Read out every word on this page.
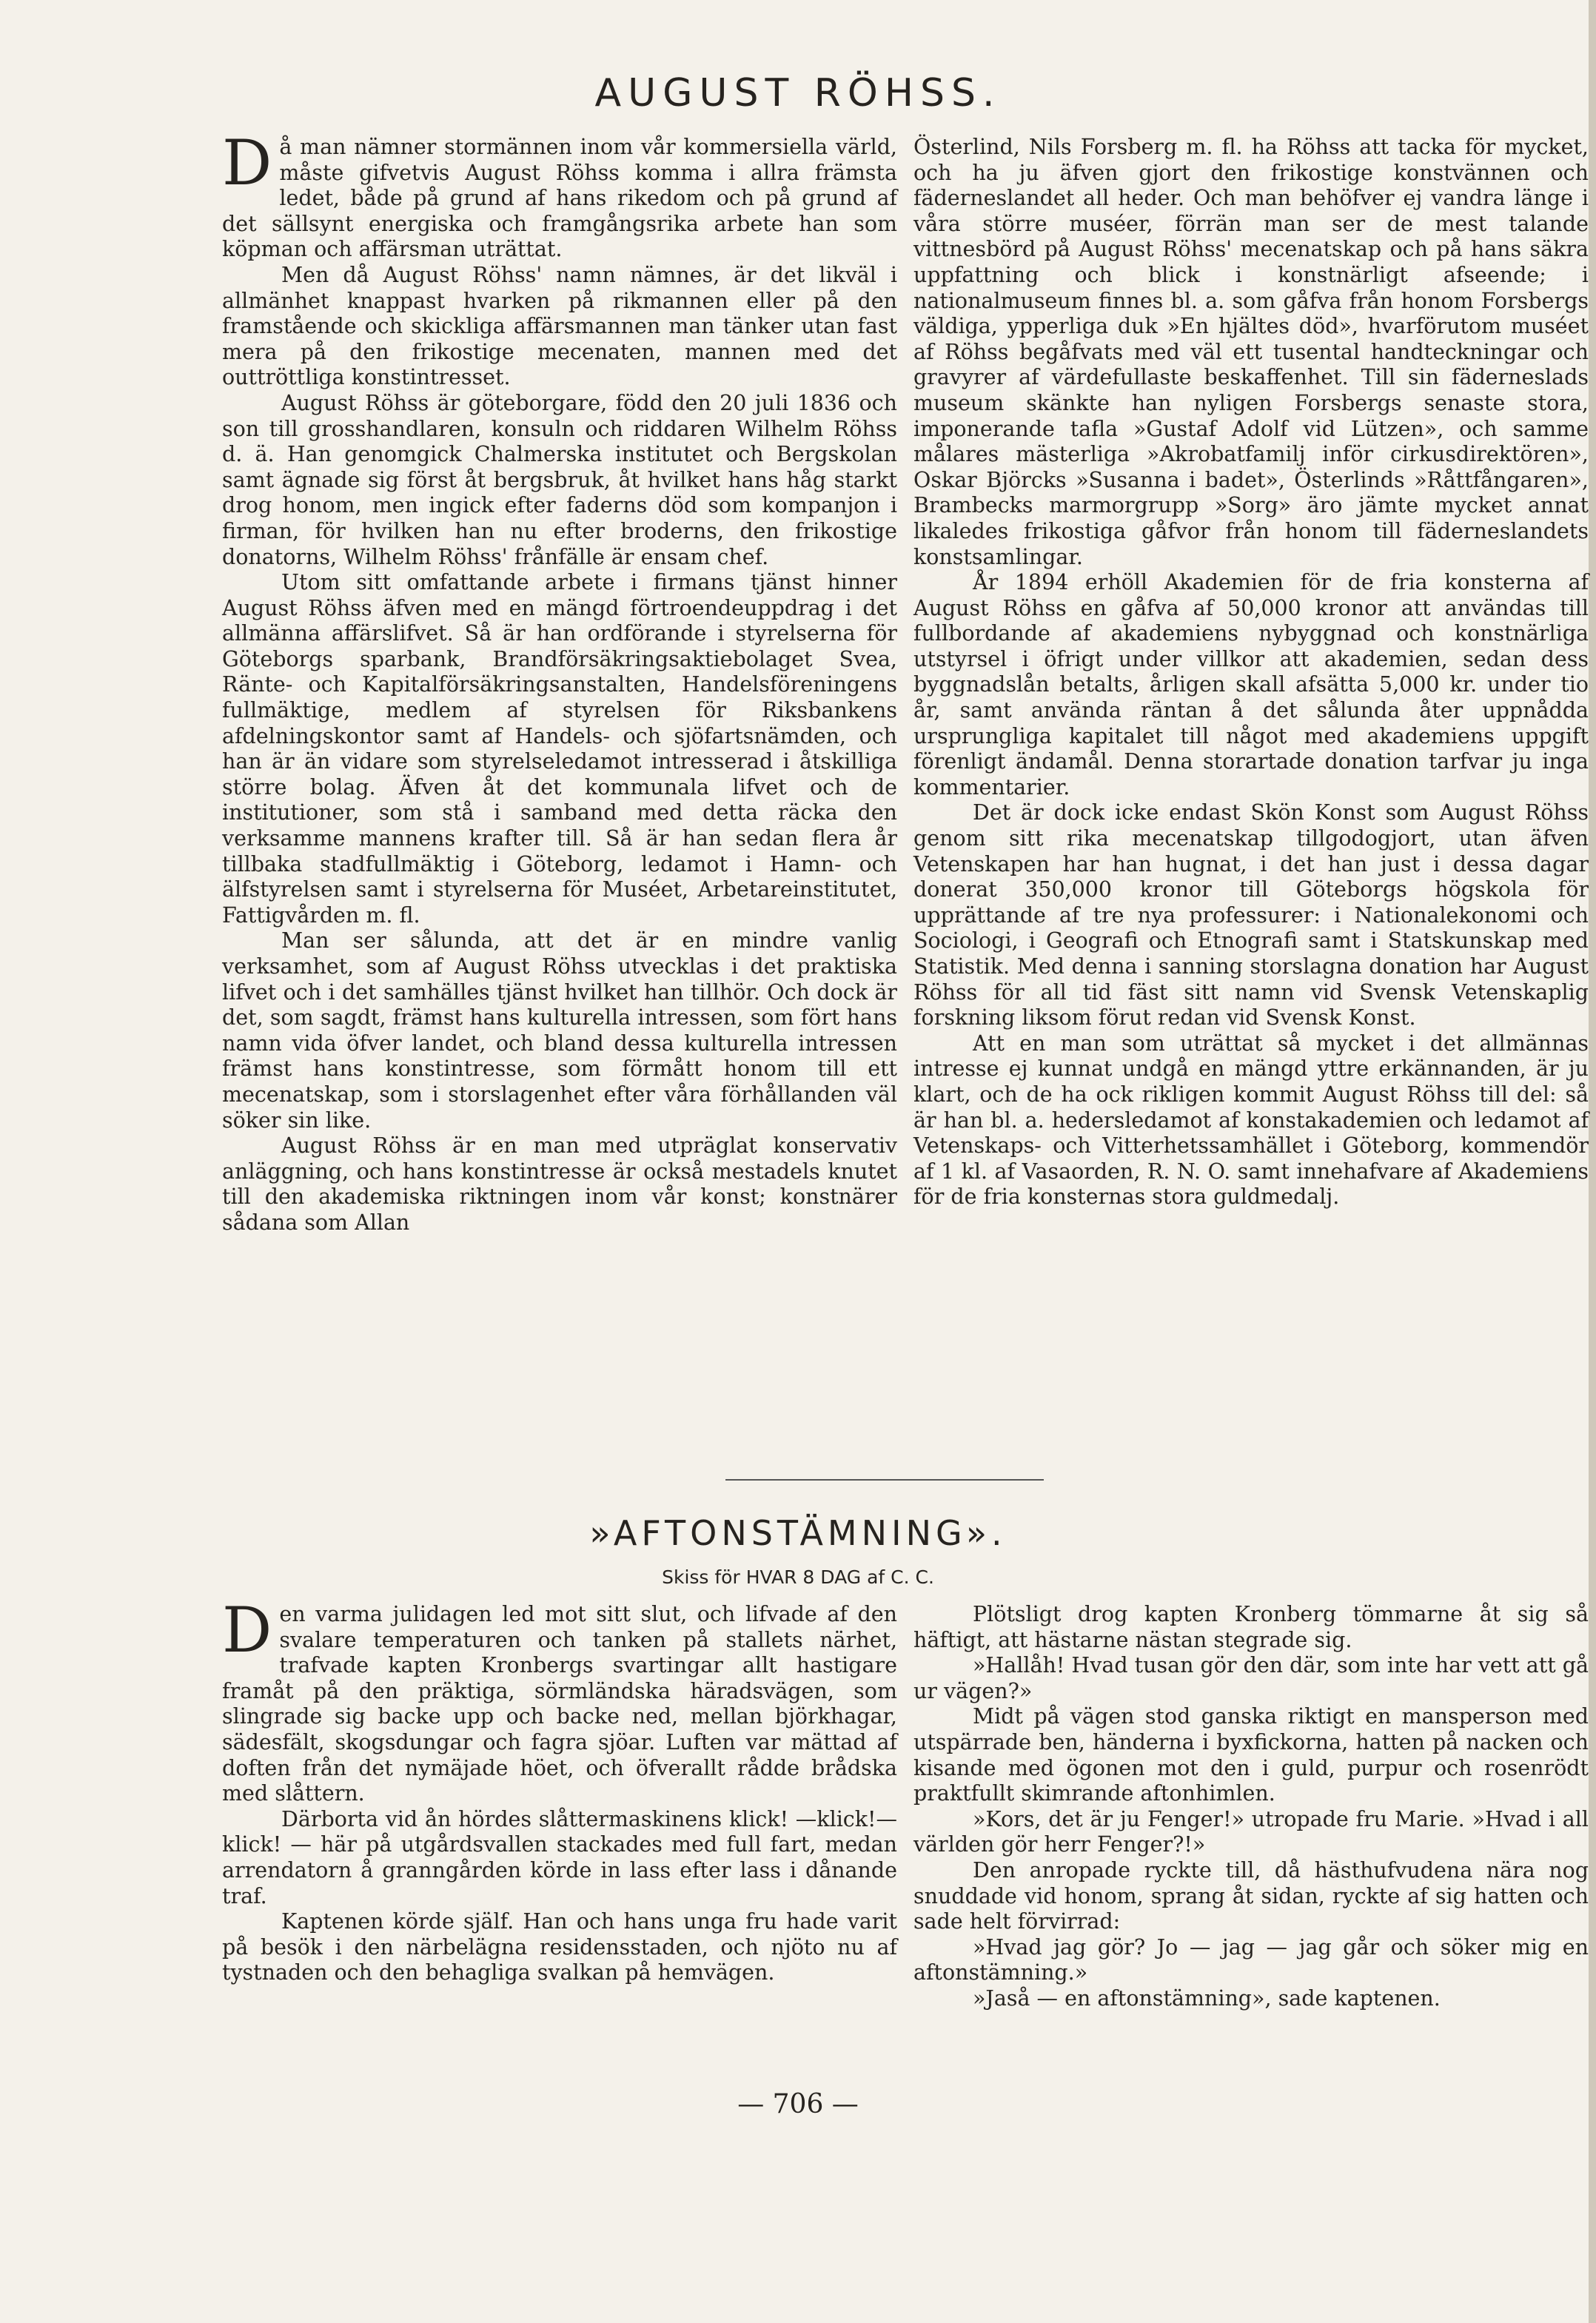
AUGUST RÖHSS.

Då man nämner stormännen inom vår kommersiella värld, måste gifvetvis August Röhss komma i allra främsta ledet, både på grund af hans rikedom och på grund af det sällsynt energiska och framgångsrika arbete han som köpman och affärsman uträttat.

Men då August Röhss' namn nämnes, är det likväl i allmänhet knappast hvarken på rikmannen eller på den framstående och skickliga affärsmannen man tänker utan fast mera på den frikostige mecenaten, mannen med det outtröttliga konstintresset.

August Röhss är göteborgare, född den 20 juli 1836 och son till grosshandlaren, konsuln och riddaren Wilhelm Röhss d. ä. Han genomgick Chalmerska institutet och Bergskolan samt ägnade sig först åt bergsbruk, åt hvilket hans håg starkt drog honom, men ingick efter faderns död som kompanjon i firman, för hvilken han nu efter broderns, den frikostige donatorns, Wilhelm Röhss' frånfälle är ensam chef.

Utom sitt omfattande arbete i firmans tjänst hinner August Röhss äfven med en mängd förtroendeuppdrag i det allmänna affärslifvet. Så är han ordförande i styrelserna för Göteborgs sparbank, Brandförsäkringsaktiebolaget Svea, Ränte- och Kapitalförsäkringsanstalten, Handelsföreningens fullmäktige, medlem af styrelsen för Riksbankens afdelningskontor samt af Handels- och sjöfartsnämden, och han är än vidare som styrelseledamot intresserad i åtskilliga större bolag. Äfven åt det kommunala lifvet och de institutioner, som stå i samband med detta räcka den verksamme mannens krafter till. Så är han sedan flera år tillbaka stadfullmäktig i Göteborg, ledamot i Hamn- och älfstyrelsen samt i styrelserna för Muséet, Arbetareinstitutet, Fattigvården m. fl.

Man ser sålunda, att det är en mindre vanlig verksamhet, som af August Röhss utvecklas i det praktiska lifvet och i det samhälles tjänst hvilket han tillhör. Och dock är det, som sagdt, främst hans kulturella intressen, som fört hans namn vida öfver landet, och bland dessa kulturella intressen främst hans konstintresse, som förmått honom till ett mecenatskap, som i storslagenhet efter våra förhållanden väl söker sin like.

August Röhss är en man med utpräglat konservativ anläggning, och hans konstintresse är också mestadels knutet till den akademiska riktningen inom vår konst; konstnärer sådana som Allan

Österlind, Nils Forsberg m. fl. ha Röhss att tacka för mycket, och ha ju äfven gjort den frikostige konstvännen och fäderneslandet all heder. Och man behöfver ej vandra länge i våra större muséer, förrän man ser de mest talande vittnesbörd på August Röhss' mecenatskap och på hans säkra uppfattning och blick i konstnärligt afseende; i nationalmuseum finnes bl. a. som gåfva från honom Forsbergs väldiga, ypperliga duk »En hjältes död», hvarförutom muséet af Röhss begåfvats med väl ett tusental handteckningar och gravyrer af värdefullaste beskaffenhet. Till sin fäderneslads museum skänkte han nyligen Forsbergs senaste stora, imponerande tafla »Gustaf Adolf vid Lützen», och samme målares mästerliga »Akrobatfamilj inför cirkusdirektören», Oskar Björcks »Susanna i badet», Österlinds »Råttfångaren», Brambecks marmorgrupp »Sorg» äro jämte mycket annat likaledes frikostiga gåfvor från honom till fäderneslandets konstsamlingar.

År 1894 erhöll Akademien för de fria konsterna af August Röhss en gåfva af 50,000 kronor att användas till fullbordande af akademiens nybyggnad och konstnärliga utstyrsel i öfrigt under villkor att akademien, sedan dess byggnadslån betalts, årligen skall afsätta 5,000 kr. under tio år, samt använda räntan å det sålunda åter uppnådda ursprungliga kapitalet till något med akademiens uppgift förenligt ändamål. Denna storartade donation tarfvar ju inga kommentarier.

Det är dock icke endast Skön Konst som August Röhss genom sitt rika mecenatskap tillgodogjort, utan äfven Vetenskapen har han hugnat, i det han just i dessa dagar donerat 350,000 kronor till Göteborgs högskola för upprättande af tre nya professurer: i Nationalekonomi och Sociologi, i Geografi och Etnografi samt i Statskunskap med Statistik. Med denna i sanning storslagna donation har August Röhss för all tid fäst sitt namn vid Svensk Vetenskaplig forskning liksom förut redan vid Svensk Konst.

Att en man som uträttat så mycket i det allmännas intresse ej kunnat undgå en mängd yttre erkännanden, är ju klart, och de ha ock rikligen kommit August Röhss till del: så är han bl. a. hedersledamot af konstakademien och ledamot af Vetenskaps- och Vitterhetssamhället i Göteborg, kommendör af 1 kl. af Vasaorden, R. N. O. samt innehafvare af Akademiens för de fria konsternas stora guldmedalj.

»AFTONSTÄMNING».

Skiss för HVAR 8 DAG af C. C.

Den varma julidagen led mot sitt slut, och lifvade af den svalare temperaturen och tanken på stallets närhet, trafvade kapten Kronbergs svartingar allt hastigare framåt på den präktiga, sörmländska häradsvägen, som slingrade sig backe upp och backe ned, mellan björkhagar, sädesfält, skogsdungar och fagra sjöar. Luften var mättad af doften från det nymäjade höet, och öfverallt rådde brådska med slåttern.

Därborta vid ån hördes slåttermaskinens klick! —klick!—klick! — här på utgårdsvallen stackades med full fart, medan arrendatorn å granngården körde in lass efter lass i dånande traf.

Kaptenen körde själf. Han och hans unga fru hade varit på besök i den närbelägna residensstaden, och njöto nu af tystnaden och den behagliga svalkan på hemvägen.

Plötsligt drog kapten Kronberg tömmarne åt sig så häftigt, att hästarne nästan stegrade sig.

»Hallåh! Hvad tusan gör den där, som inte har vett att gå ur vägen?»

Midt på vägen stod ganska riktigt en mansperson med utspärrade ben, händerna i byxfickorna, hatten på nacken och kisande med ögonen mot den i guld, purpur och rosenrödt praktfullt skimrande aftonhimlen.

»Kors, det är ju Fenger!» utropade fru Marie. »Hvad i all världen gör herr Fenger?!»

Den anropade ryckte till, då hästhufvudena nära nog snuddade vid honom, sprang åt sidan, ryckte af sig hatten och sade helt förvirrad:

»Hvad jag gör? Jo — jag — jag går och söker mig en aftonstämning.»

»Jaså — en aftonstämning», sade kaptenen.

— 706 —
